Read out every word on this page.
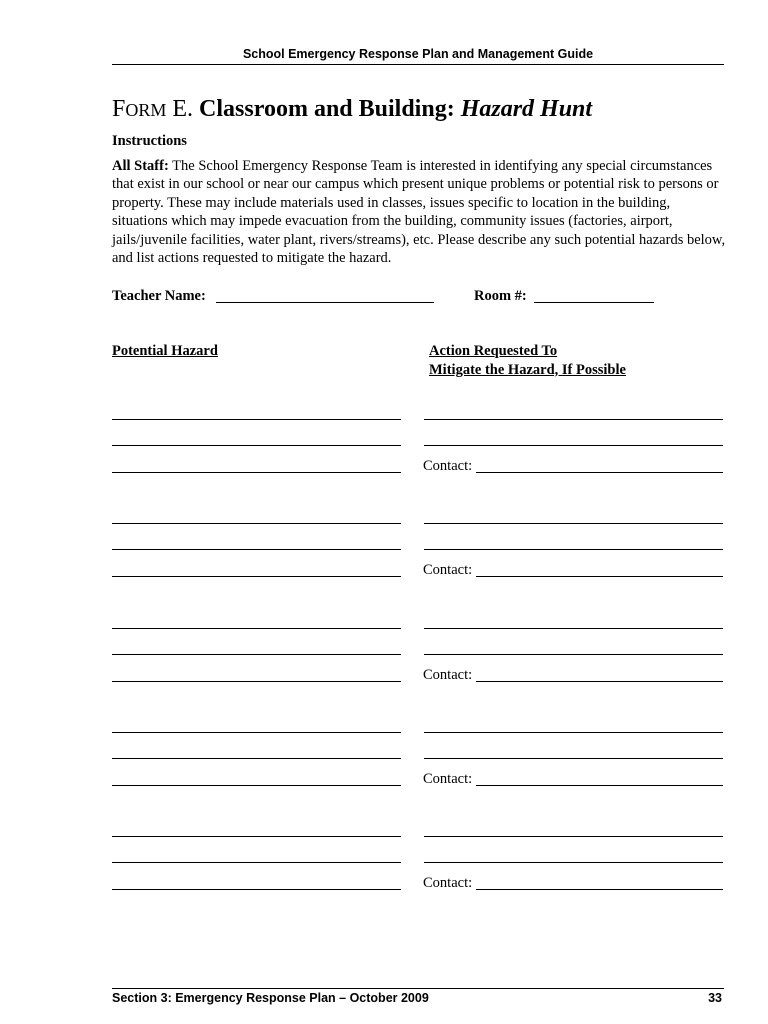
School Emergency Response Plan and Management Guide
FORM E. Classroom and Building: Hazard Hunt
Instructions
All Staff: The School Emergency Response Team is interested in identifying any special circumstances that exist in our school or near our campus which present unique problems or potential risk to persons or property. These may include materials used in classes, issues specific to location in the building, situations which may impede evacuation from the building, community issues (factories, airport, jails/juvenile facilities, water plant, rivers/streams), etc. Please describe any such potential hazards below, and list actions requested to mitigate the hazard.
Teacher Name:	Room #:
Potential Hazard	Action Requested To
Mitigate the Hazard, If Possible
Contact:
Contact:
Contact:
Contact:
Contact:
Section 3: Emergency Response Plan – October 2009	33
